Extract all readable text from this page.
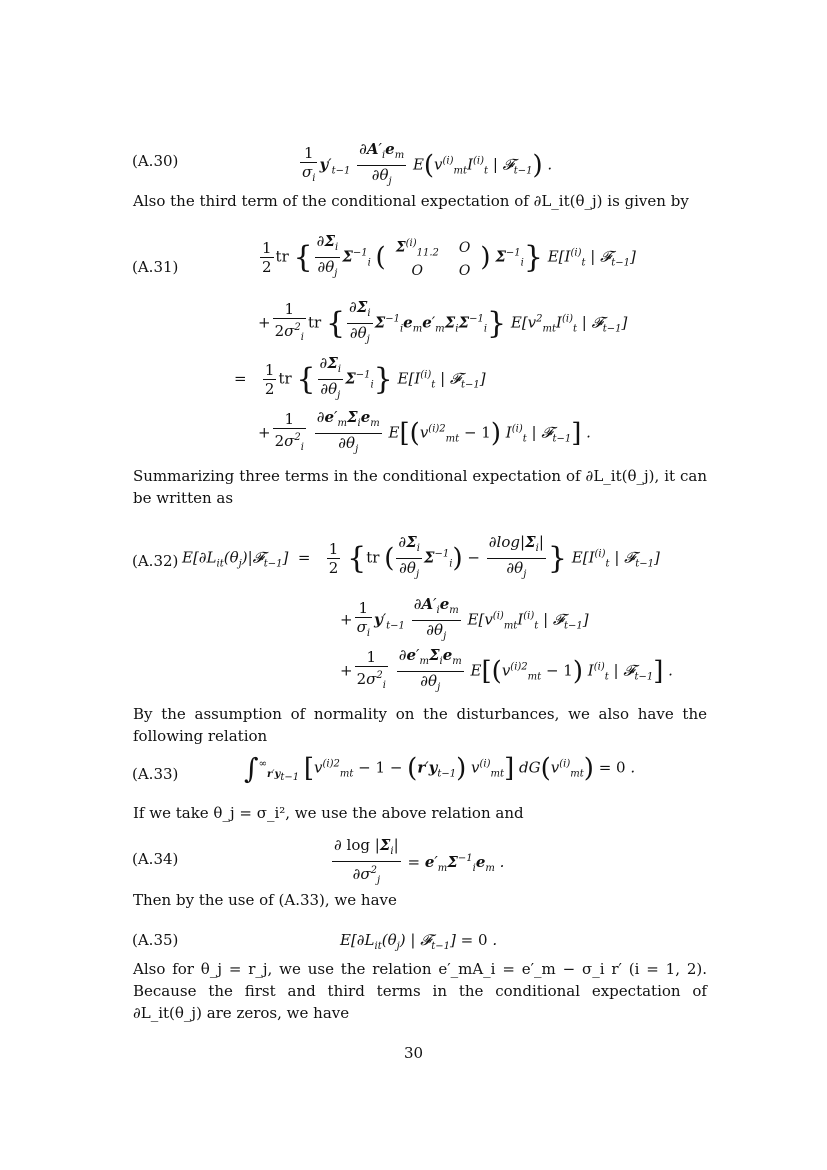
(A.30)	$\frac{1}{\sigma_i} y'_{t-1} \frac{\partial A'_ie_m}{\partial\theta_j} E(v^{(i)}_{mt}I^{(i)}_t$ | 𝓕$_{t-1}$) .
Also the third term of the conditional expectation of ∂L_it(θ_j) is given by
(A.31)	$\frac{1}{2}$ tr { $\frac{\partial\Sigma_i}{\partial\theta_j} \Sigma^{-1}_i$ ( $\Sigma^{(i)}_{11.2}$	O
O	O ) $\Sigma^{-1}_i$} $E[I^{(i)}_t$ | 𝓕$_{t-1}$]
+ $\frac{1}{2\sigma^2_i}$ tr { $\frac{\partial\Sigma_i}{\partial\theta_j} \Sigma^{-1}_ie_me'_m\Sigma_i\Sigma^{-1}_i$} $E[v^2_{mt}I^{(i)}_t$ | 𝓕$_{t-1}$]
= $\frac{1}{2}$ tr { $\frac{\partial\Sigma_i}{\partial\theta_j} \Sigma^{-1}_i$} $E[I^{(i)}_t$ | 𝓕$_{t-1}$]
+ $\frac{1}{2\sigma^2_i}$
$\frac{\partial e'_m\Sigma_ie_m}{\partial\theta_j} E[(v^{(i)2}_{mt} - 1)$ $I^{(i)}_t$ | 𝓕$_{t-1}$] .
Summarizing three terms in the conditional expectation of ∂L_it(θ_j), it can be written as
(A.32) $E[\partial L_{it}(\theta_j)|𝓕_{t-1}] = \frac{1}{2} \{tr$ ( $\frac{\partial\Sigma_i}{\partial\theta_j} \Sigma^{-1}_i) - \frac{\partial\log|\Sigma_i|}{\partial\theta_j}$ } $E[I^{(i)}_t$ | 𝓕$_{t-1}$]
+ $\frac{1}{\sigma_i} y'_{t-1} \frac{\partial A'_ie_m}{\partial\theta_j} E[v^{(i)}_{mt}I^{(i)}_t$ | 𝓕$_{t-1}$]
+ $\frac{1}{2\sigma^2_i}$
$\frac{\partial e'_m\Sigma_ie_m}{\partial\theta_j} E[(v^{(i)2}_{mt} - 1)$ $I^{(i)}_t$ | 𝓕$_{t-1}$] .
By the assumption of normality on the disturbances, we also have the following relation
(A.33) $\int^\infty_{r'y_{t-1}}$ [$v^{(i)2}_{mt} - 1 - (r'y_{t-1})$ $v^{(i)}_{mt}$] $dG(v^{(i)}_{mt}) = 0$ .
If we take θ_j = σ_i², we use the above relation and
(A.34)	$\frac{\partial \log |\Sigma_i|}{\partial\sigma^2_j} = e'_m\Sigma^{-1}_ie_m$ .
Then by the use of (A.33), we have
(A.35)	$E[\partial L_{it}(\theta_j)$ | 𝓕$_{t-1}$] = 0 .
Also for θ_j = r_j, we use the relation e′_mA_i = e′_m − σ_i r′ (i = 1, 2). Because the first and third terms in the conditional expectation of ∂L_it(θ_j) are zeros, we have
30
